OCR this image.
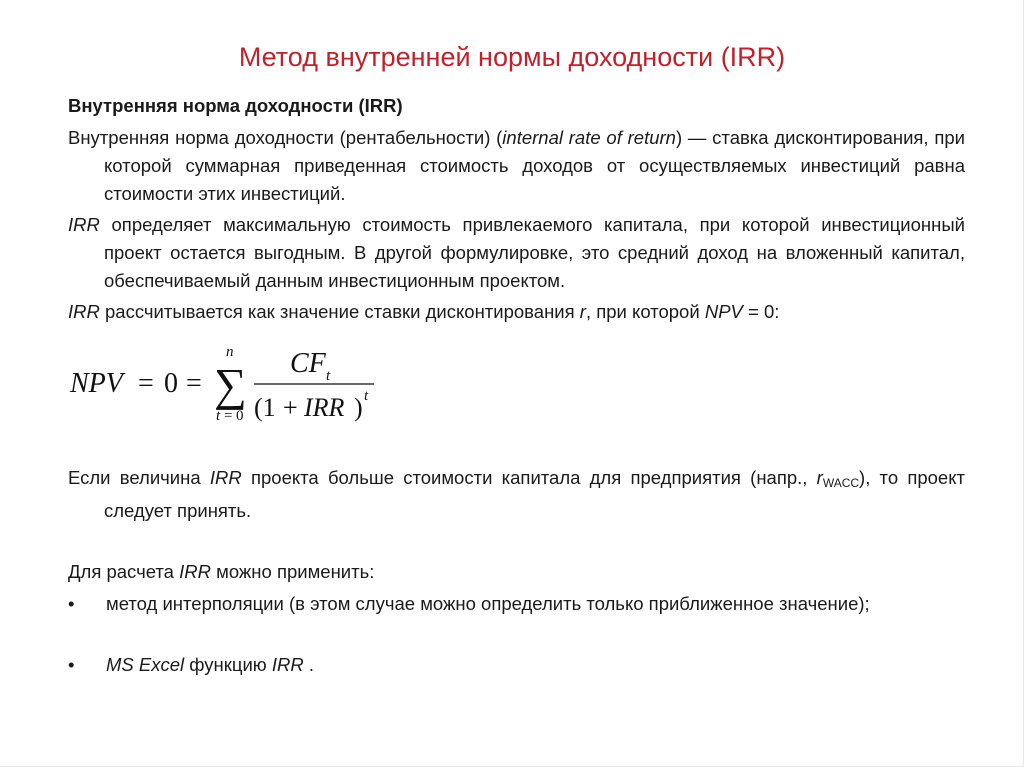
Метод внутренней нормы доходности (IRR)

Внутренняя норма доходности (IRR)

Внутренняя норма доходности (рентабельности) (internal rate of return) — ставка дисконтирования, при которой суммарная приведенная стоимость доходов от осуществляемых инвестиций равна стоимости этих инвестиций.

IRR определяет максимальную стоимость привлекаемого капитала, при которой инвестиционный проект остается выгодным. В другой формулировке, это средний доход на вложенный капитал, обеспечиваемый данным инвестиционным проектом.

IRR рассчитывается как значение ставки дисконтирования r, при которой NPV = 0:

NPV = 0 =
n
∑
t = 0
CF t
(1 + IRR ) t

Если величина IRR проекта больше стоимости капитала для предприятия (напр., $r_{WACC}$), то проект следует принять.

Для расчета IRR можно применить:

•	метод интерполяции (в этом случае можно определить только приближенное значение);
•	MS Excel функцию IRR .
